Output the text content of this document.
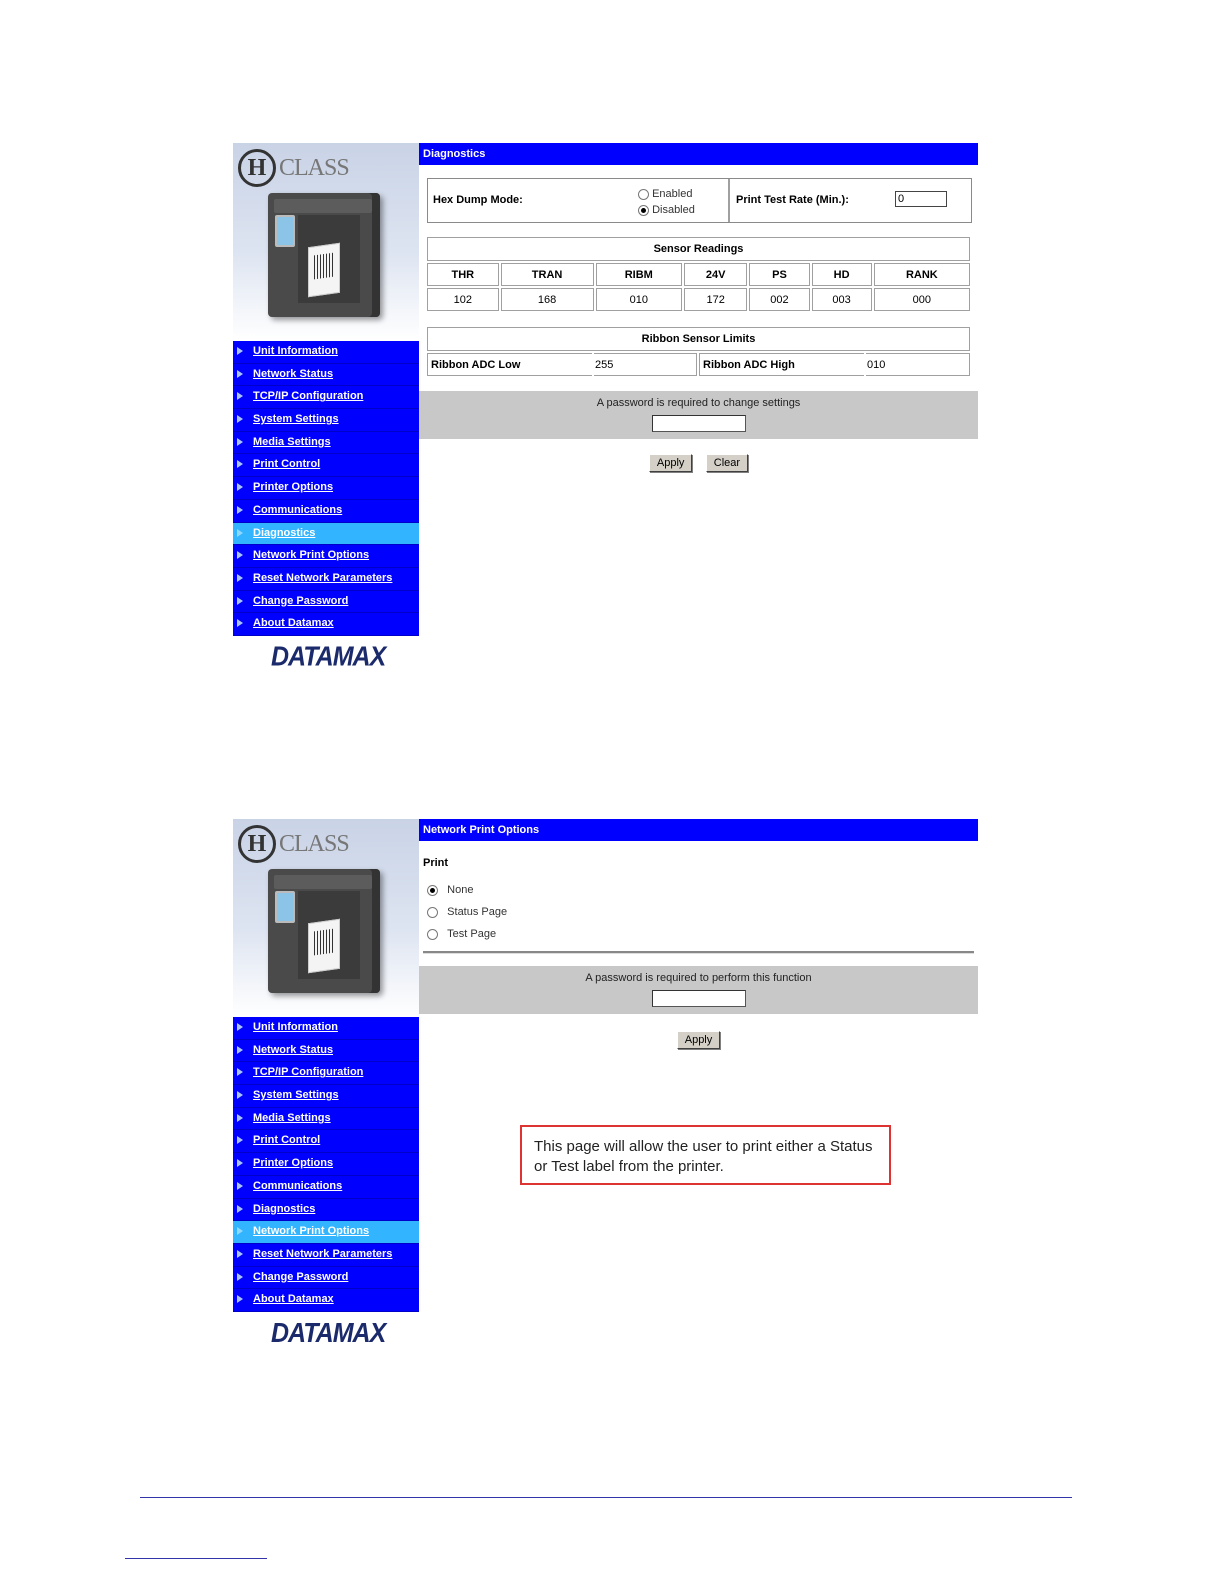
H CLASS
Unit Information
Network Status
TCP/IP Configuration
System Settings
Media Settings
Print Control
Printer Options
Communications
Diagnostics
Network Print Options
Reset Network Parameters
Change Password
About Datamax
DATAMAX
Diagnostics
Hex Dump Mode:	Enabled
Disabled
Print Test Rate (Min.):
0
Sensor Readings						
THR	TRAN	RIBM	24V	PS	HD	RANK
102	168	010	172	002	003	000
Ribbon Sensor Limits
Ribbon ADC Low	255	Ribbon ADC High	010
A password is required to change settings
Apply	Clear
H CLASS
Unit Information
Network Status
TCP/IP Configuration
System Settings
Media Settings
Print Control
Printer Options
Communications
Diagnostics
Network Print Options
Reset Network Parameters
Change Password
About Datamax
DATAMAX
Network Print Options
Print
None
Status Page
Test Page
A password is required to perform this function
Apply
This page will allow the user to print either a Status or Test label from the printer.
